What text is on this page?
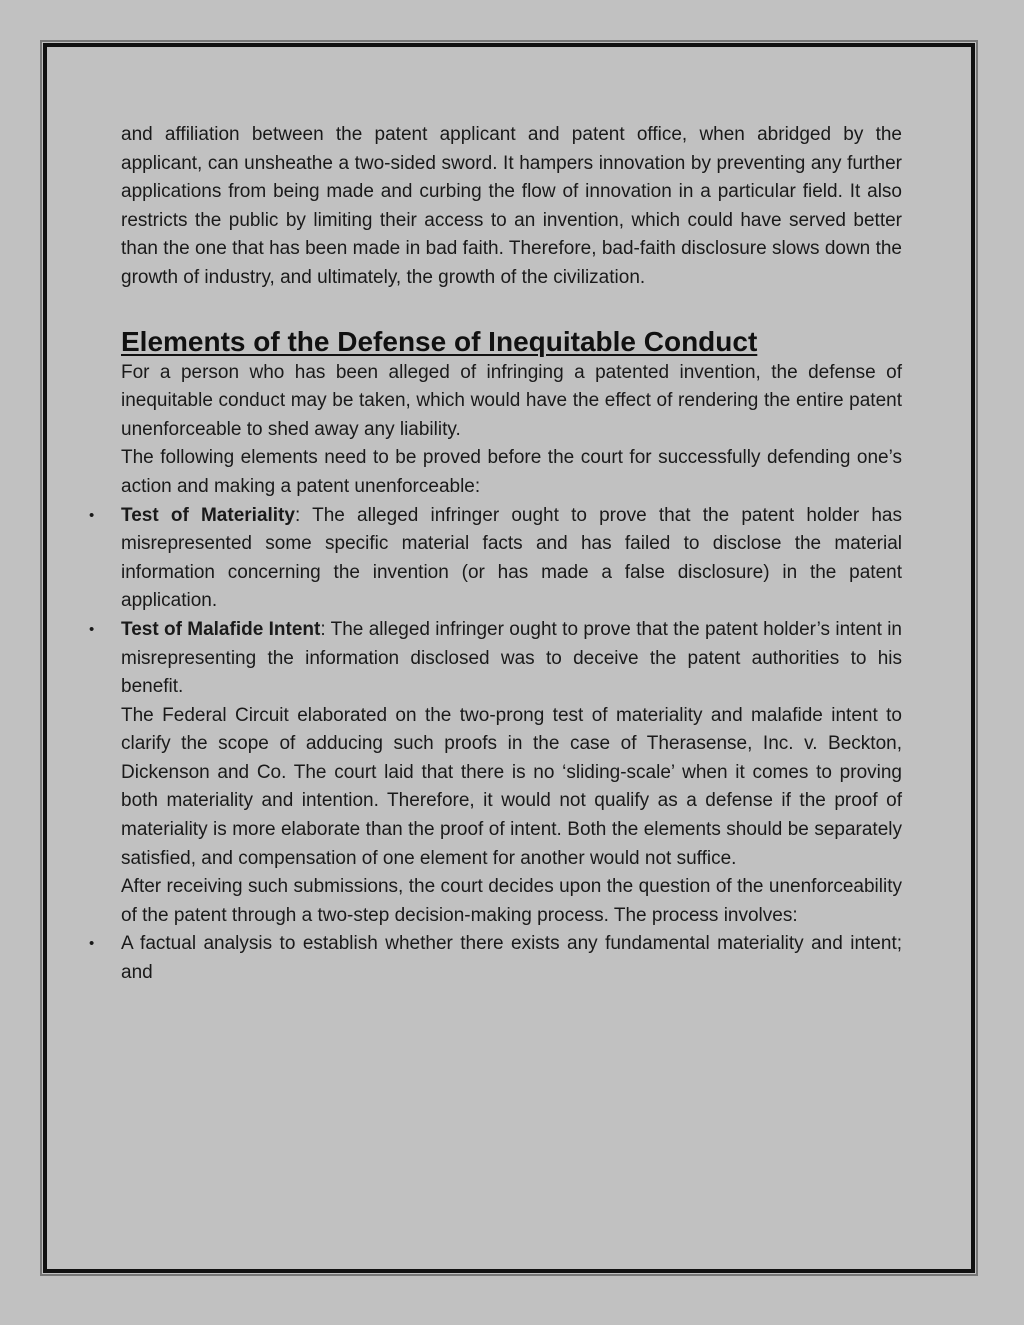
and affiliation between the patent applicant and patent office, when abridged by the applicant, can unsheathe a two-sided sword. It hampers innovation by preventing any further applications from being made and curbing the flow of innovation in a particular field. It also restricts the public by limiting their access to an invention, which could have served better than the one that has been made in bad faith. Therefore, bad-faith disclosure slows down the growth of industry, and ultimately, the growth of the civilization.

Elements of the Defense of Inequitable Conduct

For a person who has been alleged of infringing a patented invention, the defense of inequitable conduct may be taken, which would have the effect of rendering the entire patent unenforceable to shed away any liability.

The following elements need to be proved before the court for successfully defending one’s action and making a patent unenforceable:

• Test of Materiality: The alleged infringer ought to prove that the patent holder has misrepresented some specific material facts and has failed to disclose the material information concerning the invention (or has made a false disclosure) in the patent application.

• Test of Malafide Intent: The alleged infringer ought to prove that the patent holder’s intent in misrepresenting the information disclosed was to deceive the patent authorities to his benefit.

The Federal Circuit elaborated on the two-prong test of materiality and malafide intent to clarify the scope of adducing such proofs in the case of Therasense, Inc. v. Beckton, Dickenson and Co. The court laid that there is no ‘sliding-scale’ when it comes to proving both materiality and intention. Therefore, it would not qualify as a defense if the proof of materiality is more elaborate than the proof of intent. Both the elements should be separately satisfied, and compensation of one element for another would not suffice.

After receiving such submissions, the court decides upon the question of the unenforceability of the patent through a two-step decision-making process. The process involves:

• A factual analysis to establish whether there exists any fundamental materiality and intent; and
